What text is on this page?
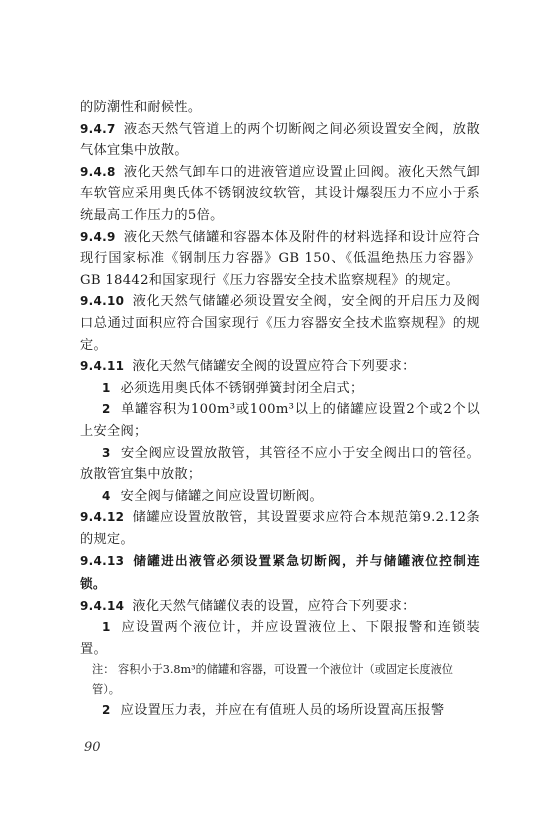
的防潮性和耐候性。

9.4.7 液态天然气管道上的两个切断阀之间必须设置安全阀，放散气体宜集中放散。

9.4.8 液化天然气卸车口的进液管道应设置止回阀。液化天然气卸车软管应采用奥氏体不锈钢波纹软管，其设计爆裂压力不应小于系统最高工作压力的5倍。

9.4.9 液化天然气储罐和容器本体及附件的材料选择和设计应符合现行国家标准《钢制压力容器》GB 150、《低温绝热压力容器》GB 18442和国家现行《压力容器安全技术监察规程》的规定。

9.4.10 液化天然气储罐必须设置安全阀，安全阀的开启压力及阀口总通过面积应符合国家现行《压力容器安全技术监察规程》的规定。

9.4.11 液化天然气储罐安全阀的设置应符合下列要求：

1 必须选用奥氏体不锈钢弹簧封闭全启式；

2 单罐容积为100m³或100m³以上的储罐应设置2个或2个以上安全阀；

3 安全阀应设置放散管，其管径不应小于安全阀出口的管径。放散管宜集中放散；

4 安全阀与储罐之间应设置切断阀。

9.4.12 储罐应设置放散管，其设置要求应符合本规范第9.2.12条的规定。

9.4.13 储罐进出液管必须设置紧急切断阀，并与储罐液位控制连锁。

9.4.14 液化天然气储罐仪表的设置，应符合下列要求：

1 应设置两个液位计，并应设置液位上、下限报警和连锁装置。

注： 容积小于3.8m³的储罐和容器，可设置一个液位计（或固定长度液位管）。

2 应设置压力表，并应在有值班人员的场所设置高压报警

90
